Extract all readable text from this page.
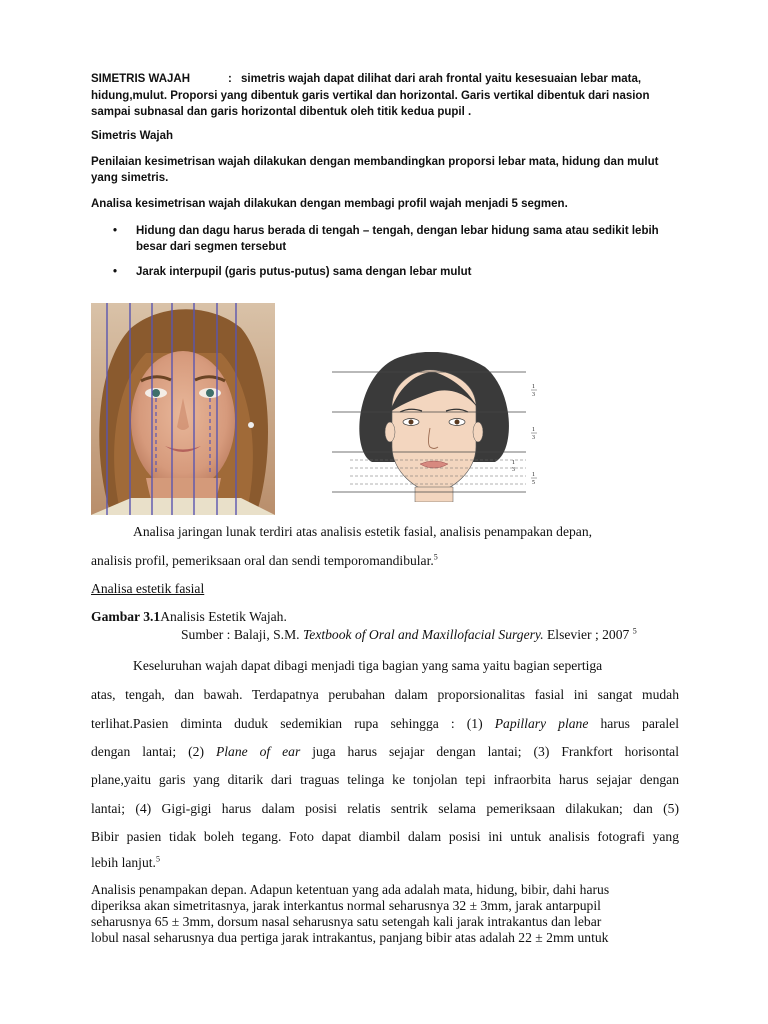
SIMETRIS WAJAH	: simetris wajah dapat dilihat dari arah frontal yaitu kesesuaian lebar mata,
hidung,mulut. Proporsi yang dibentuk garis vertikal dan horizontal. Garis vertikal dibentuk dari nasion
sampai subnasal dan garis horizontal dibentuk oleh titik kedua pupil .
Simetris Wajah
Penilaian kesimetrisan wajah dilakukan dengan membandingkan proporsi lebar mata, hidung dan mulut
yang simetris.
Analisa kesimetrisan wajah dilakukan dengan membagi profil wajah menjadi 5 segmen.
• Hidung dan dagu harus berada di tengah – tengah, dengan lebar hidung sama atau sedikit lebih
besar dari segmen tersebut
• Jarak interpupil (garis putus-putus) sama dengan lebar mulut
1
3
1
3
1
3
1
5
Analisa jaringan lunak terdiri atas analisis estetik fasial, analisis penampakan depan,
analisis profil, pemeriksaan oral dan sendi temporomandibular.$^5$
Analisa estetik fasial
Gambar 3.1Analisis Estetik Wajah.
Sumber : Balaji, S.M. Textbook of Oral and Maxillofacial Surgery. Elsevier ; 2007 $^5$
Keseluruhan wajah dapat dibagi menjadi tiga bagian yang sama yaitu bagian sepertiga
atas, tengah, dan bawah. Terdapatnya perubahan dalam proporsionalitas fasial ini sangat mudah
terlihat.Pasien diminta duduk sedemikian rupa sehingga : (1) Papillary plane harus paralel
dengan lantai; (2) Plane of ear juga harus sejajar dengan lantai; (3) Frankfort horisontal
plane,yaitu garis yang ditarik dari traguas telinga ke tonjolan tepi infraorbita harus sejajar dengan
lantai; (4) Gigi-gigi harus dalam posisi relatis sentrik selama pemeriksaan dilakukan; dan (5)
Bibir pasien tidak boleh tegang. Foto dapat diambil dalam posisi ini untuk analisis fotografi yang
lebih lanjut.$^5$
Analisis penampakan depan. Adapun ketentuan yang ada adalah mata, hidung, bibir, dahi harus
diperiksa akan simetritasnya, jarak interkantus normal seharusnya 32 ± 3mm, jarak antarpupil
seharusnya 65 ± 3mm, dorsum nasal seharusnya satu setengah kali jarak intrakantus dan lebar
lobul nasal seharusnya dua pertiga jarak intrakantus, panjang bibir atas adalah 22 ± 2mm untuk
